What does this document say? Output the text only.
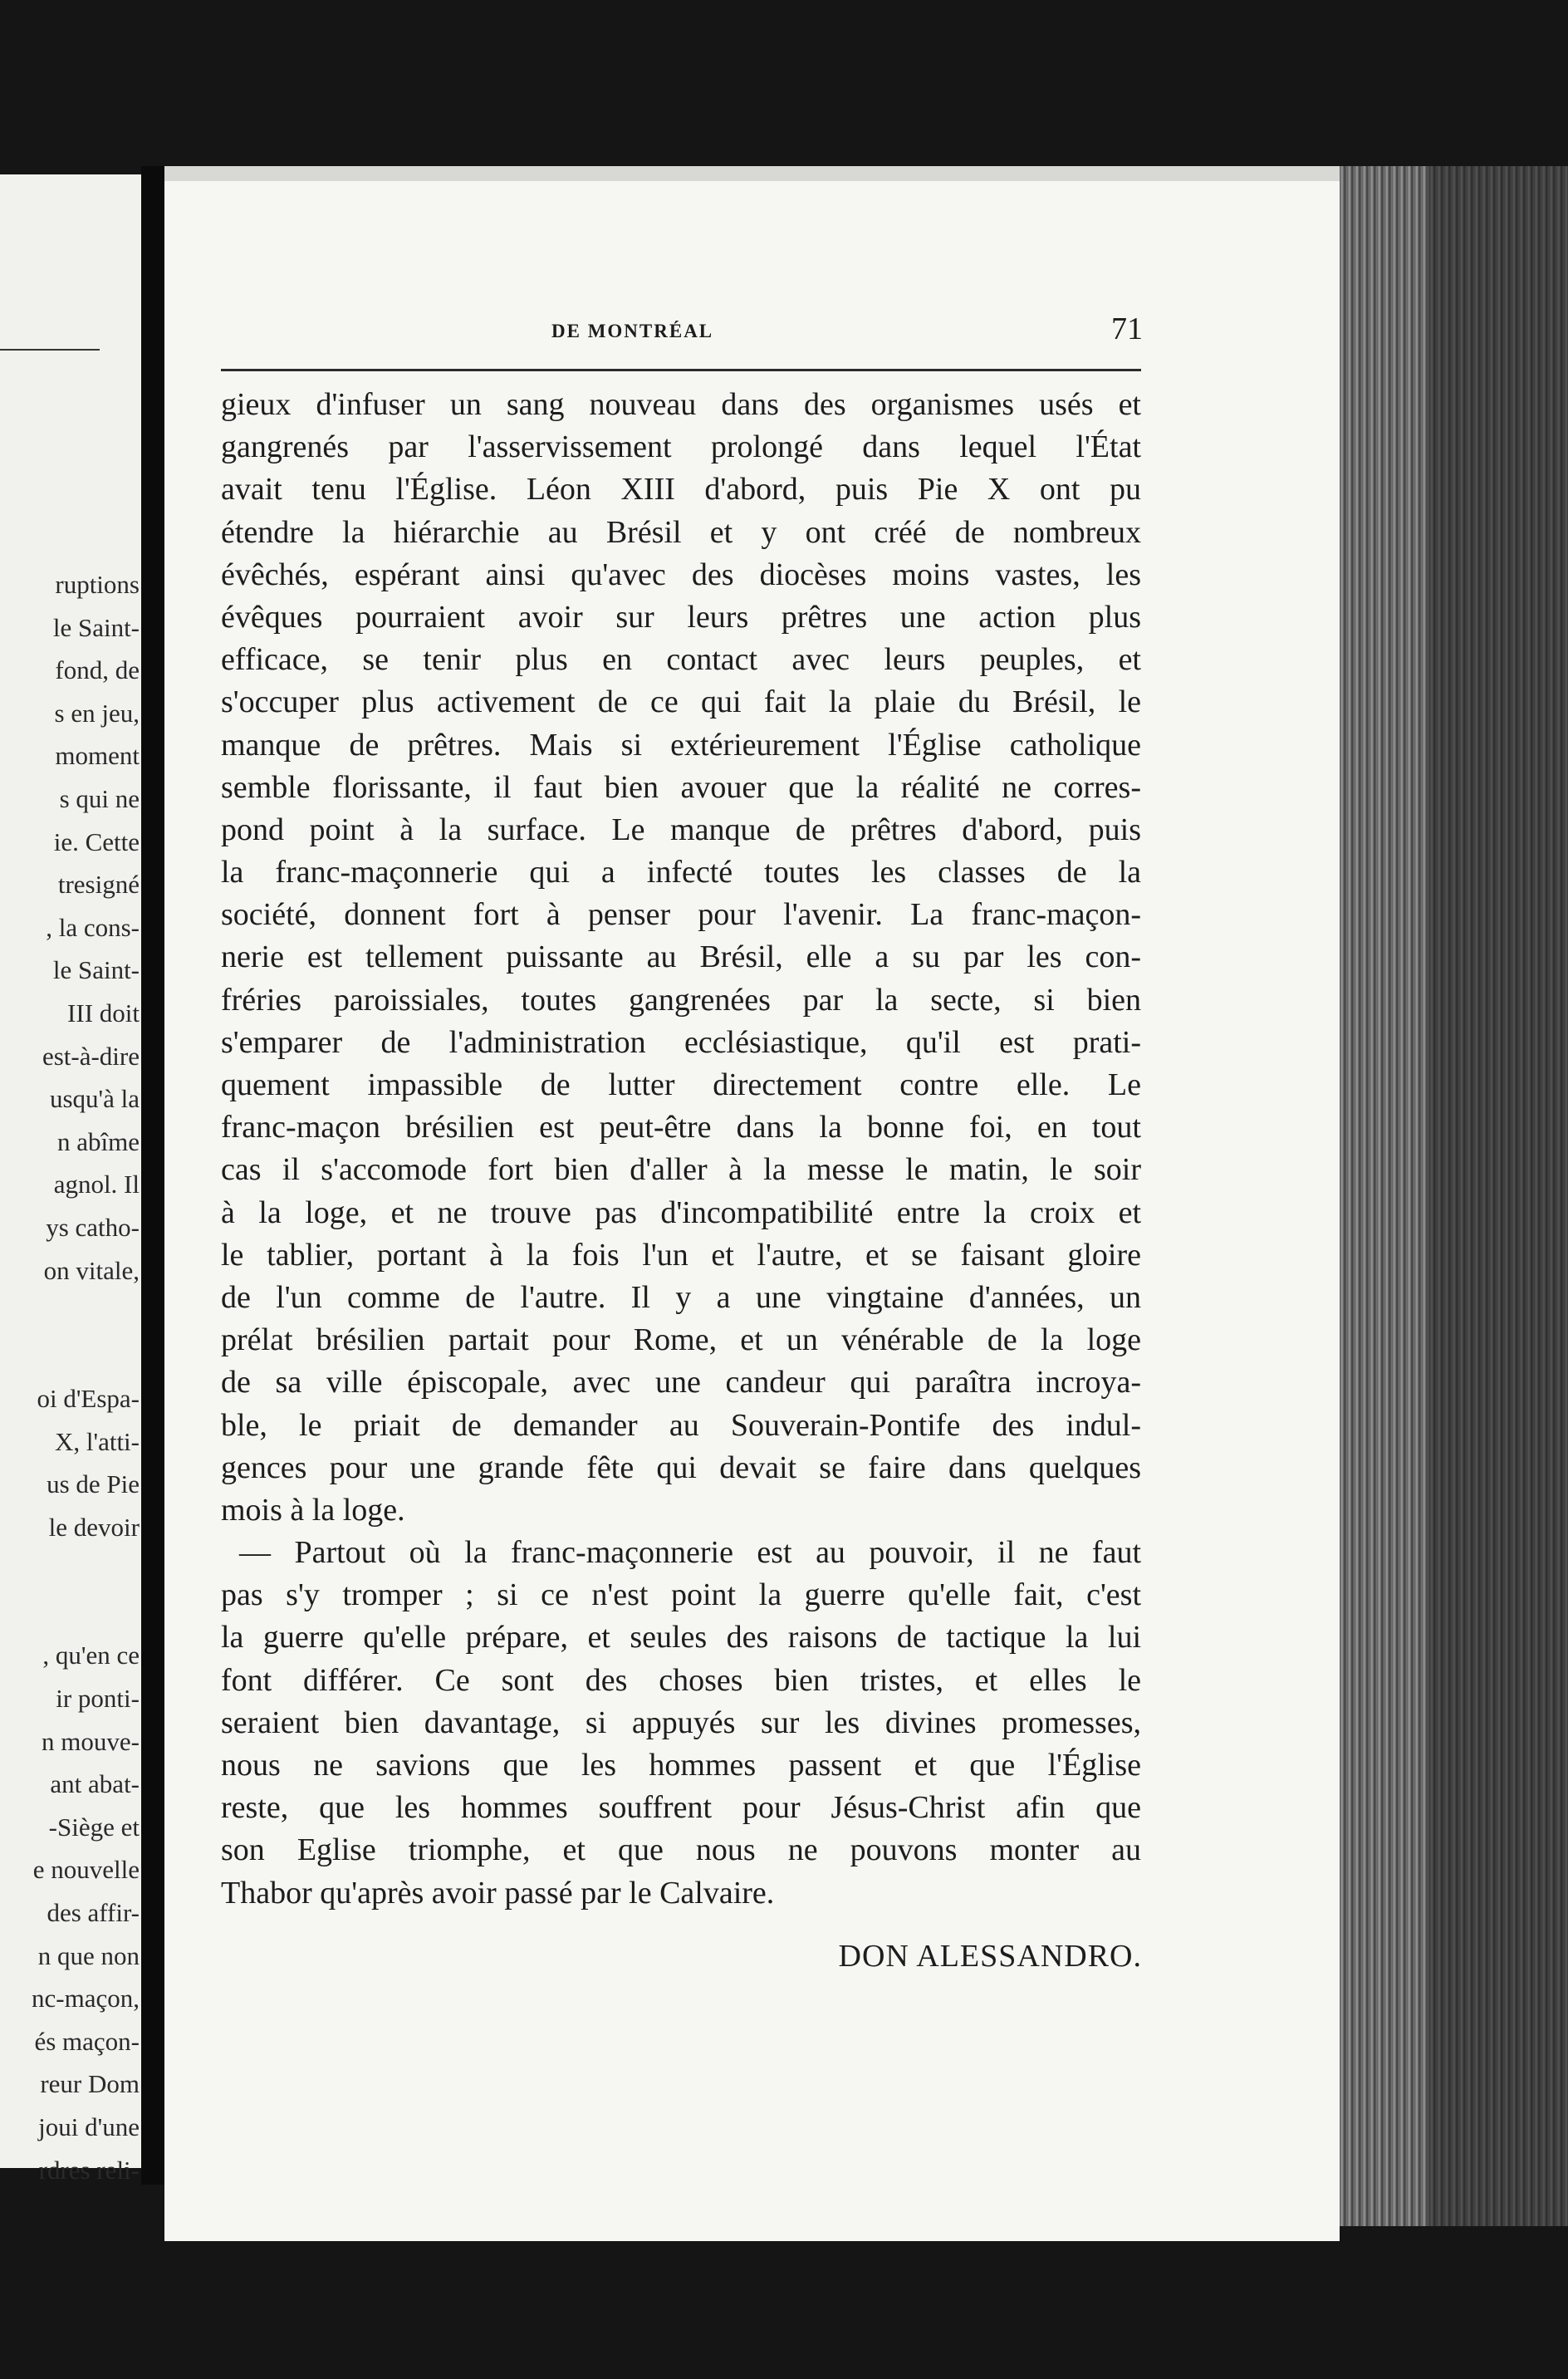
ruptions
le Saint-
fond, de
s en jeu,
moment
s qui ne
ie. Cette
tresigné
, la cons-
le Saint-
III doit
est-à-dire
usqu'à la
n abîme
agnol. Il
ys catho-
on vitale,
oi d'Espa-
X, l'atti-
us de Pie
le devoir
, qu'en ce
ir ponti-
n mouve-
ant abat-
-Siège et
e nouvelle
des affir-
n que non
nc-maçon,
és maçon-
reur Dom
joui d'une
rdres reli-
DE MONTRÉAL	71
gieux d'infuser un sang nouveau dans des organismes usés et
gangrenés par l'asservissement prolongé dans lequel l'État
avait tenu l'Église. Léon XIII d'abord, puis Pie X ont pu
étendre la hiérarchie au Brésil et y ont créé de nombreux
évêchés, espérant ainsi qu'avec des diocèses moins vastes, les
évêques pourraient avoir sur leurs prêtres une action plus
efficace, se tenir plus en contact avec leurs peuples, et
s'occuper plus activement de ce qui fait la plaie du Brésil, le
manque de prêtres. Mais si extérieurement l'Église catholique
semble florissante, il faut bien avouer que la réalité ne corres-
pond point à la surface. Le manque de prêtres d'abord, puis
la franc-maçonnerie qui a infecté toutes les classes de la
société, donnent fort à penser pour l'avenir. La franc-maçon-
nerie est tellement puissante au Brésil, elle a su par les con-
fréries paroissiales, toutes gangrenées par la secte, si bien
s'emparer de l'administration ecclésiastique, qu'il est prati-
quement impassible de lutter directement contre elle. Le
franc-maçon brésilien est peut-être dans la bonne foi, en tout
cas il s'accomode fort bien d'aller à la messe le matin, le soir
à la loge, et ne trouve pas d'incompatibilité entre la croix et
le tablier, portant à la fois l'un et l'autre, et se faisant gloire
de l'un comme de l'autre. Il y a une vingtaine d'années, un
prélat brésilien partait pour Rome, et un vénérable de la loge
de sa ville épiscopale, avec une candeur qui paraîtra incroya-
ble, le priait de demander au Souverain-Pontife des indul-
gences pour une grande fête qui devait se faire dans quelques
mois à la loge.
— Partout où la franc-maçonnerie est au pouvoir, il ne faut
pas s'y tromper ; si ce n'est point la guerre qu'elle fait, c'est
la guerre qu'elle prépare, et seules des raisons de tactique la lui
font différer. Ce sont des choses bien tristes, et elles le
seraient bien davantage, si appuyés sur les divines promesses,
nous ne savions que les hommes passent et que l'Église
reste, que les hommes souffrent pour Jésus-Christ afin que
son Eglise triomphe, et que nous ne pouvons monter au
Thabor qu'après avoir passé par le Calvaire.
DON ALESSANDRO.
